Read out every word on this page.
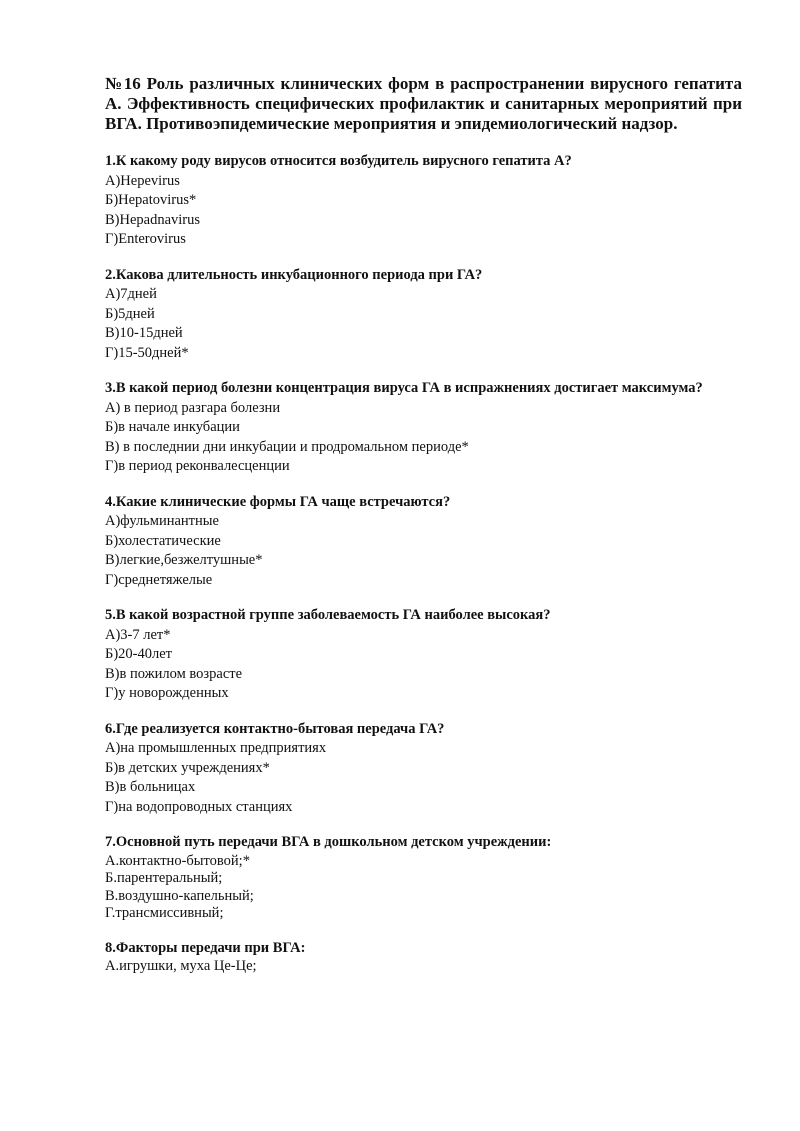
№16 Роль различных клинических форм в распространении вирусного гепатита А. Эффективность специфических профилактик и санитарных мероприятий при ВГА. Противоэпидемические мероприятия и эпидемиологический надзор.
1.К какому роду вирусов относится возбудитель вирусного гепатита А?
А)Hepevirus
Б)Hepatovirus*
В)Hepadnavirus
Г)Enterovirus
2.Какова длительность инкубационного периода при ГА?
А)7дней
Б)5дней
В)10-15дней
Г)15-50дней*
3.В какой период болезни концентрация вируса ГА в испражнениях достигает максимума?
А) в период разгара болезни
Б)в начале инкубации
В) в последнии дни инкубации и продромальном периоде*
Г)в период реконвалесценции
4.Какие клинические формы ГА чаще встречаются?
А)фульминантные
Б)холестатические
В)легкие,безжелтушные*
Г)среднетяжелые
5.В какой возрастной группе заболеваемость ГА наиболее высокая?
А)3-7 лет*
Б)20-40лет
В)в пожилом возрасте
Г)у новорожденных
6.Где реализуется контактно-бытовая передача ГА?
А)на промышленных предприятиях
Б)в детских учреждениях*
В)в больницах
Г)на водопроводных станциях
7.Основной путь передачи ВГА в дошкольном детском учреждении:
А.контактно-бытовой;*
Б.парентеральный;
В.воздушно-капельный;
Г.трансмиссивный;
8.Факторы передачи при ВГА:
А.игрушки, муха Це-Це;
